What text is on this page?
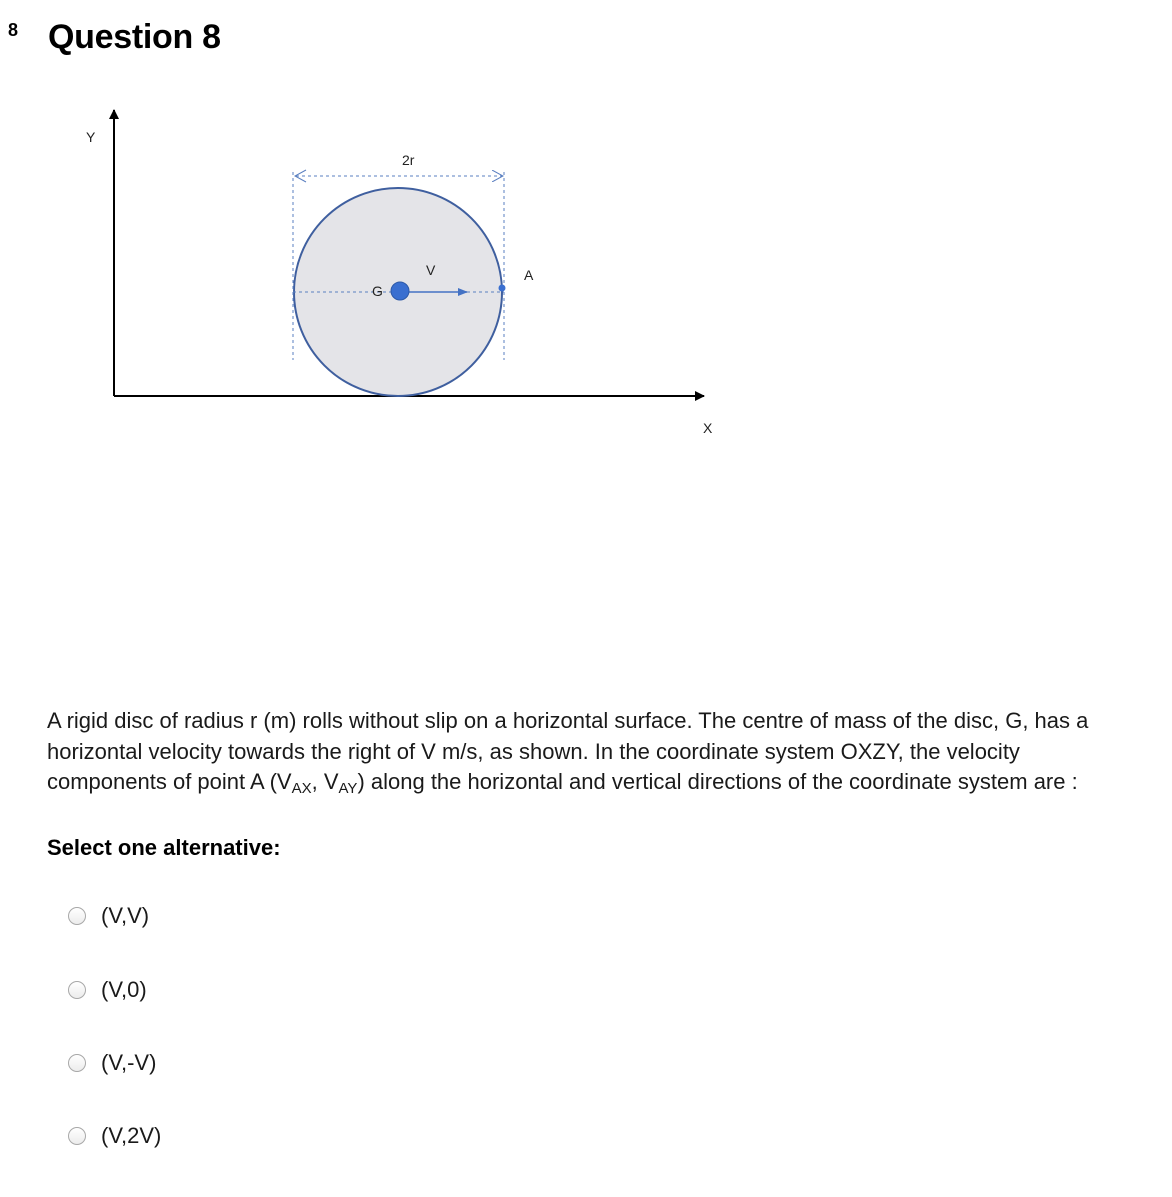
8 Question 8
Y
X
2r
V
G
A
A rigid disc of radius r (m) rolls without slip on a horizontal surface. The centre of mass of the disc, G, has a horizontal velocity towards the right of V m/s, as shown. In the coordinate system OXZY, the velocity components of point A ($V_{AX}$, $V_{AY}$) along the horizontal and vertical directions of the coordinate system are :
Select one alternative:
(V,V)
(V,0)
(V,-V)
(V,2V)
